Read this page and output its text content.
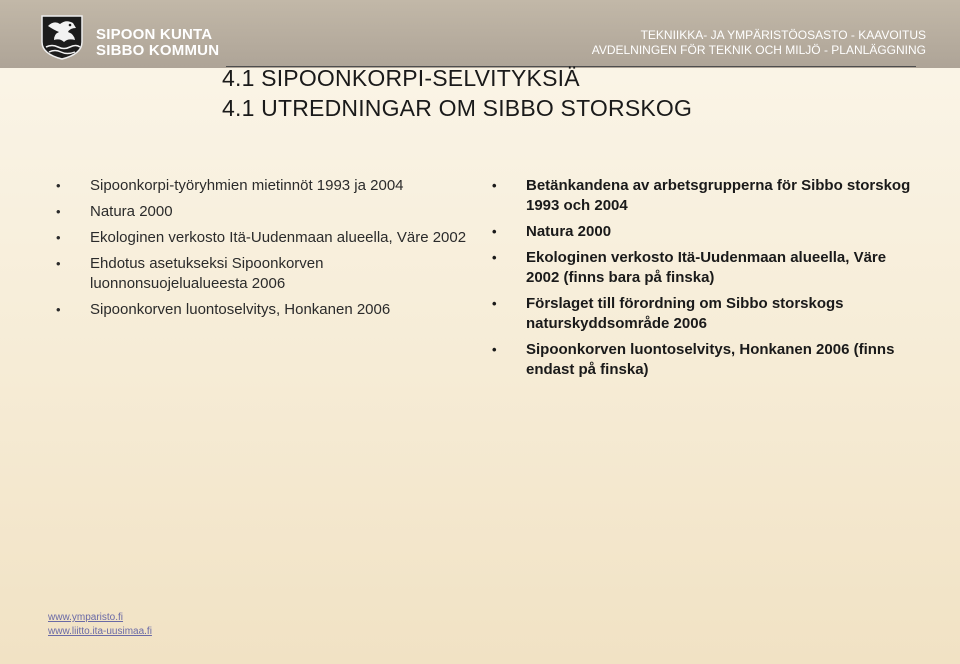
SIPOON KUNTA
SIBBO KOMMUN
TEKNIIKKA- JA YMPÄRISTÖOSASTO - KAAVOITUS
AVDELNINGEN FÖR TEKNIK OCH MILJÖ - PLANLÄGGNING
4.1 SIPOONKORPI-SELVITYKSIÄ
4.1 UTREDNINGAR OM SIBBO STORSKOG
• Sipoonkorpi-työryhmien mietinnöt 1993 ja 2004
• Natura 2000
• Ekologinen verkosto Itä-Uudenmaan alueella, Väre 2002
• Ehdotus asetukseksi Sipoonkorven luonnonsuojelualueesta 2006
• Sipoonkorven luontoselvitys, Honkanen 2006
• Betänkandena av arbetsgrupperna för Sibbo storskog 1993 och 2004
• Natura 2000
• Ekologinen verkosto Itä-Uudenmaan alueella, Väre 2002 (finns bara på finska)
• Förslaget till förordning om Sibbo storskogs naturskyddsområde 2006
• Sipoonkorven luontoselvitys, Honkanen 2006 (finns endast på finska)
www.ymparisto.fi
www.liitto.ita-uusimaa.fi
